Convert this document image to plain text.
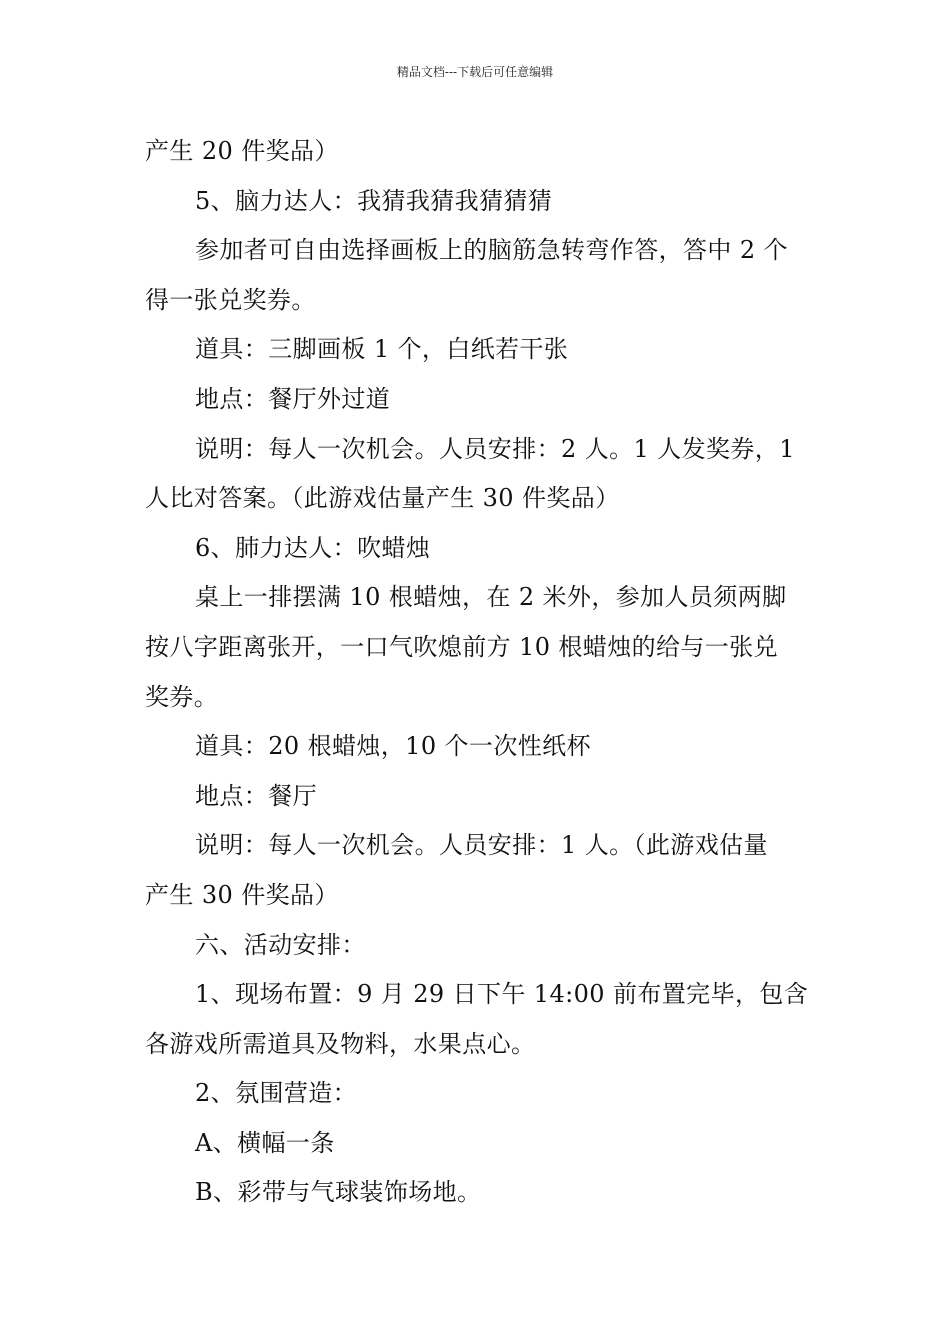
精品文档---下载后可任意编辑
产生 20 件奖品）
5、脑力达人：我猜我猜我猜猜猜
参加者可自由选择画板上的脑筋急转弯作答，答中 2 个
得一张兑奖券。
道具：三脚画板 1 个，白纸若干张
地点：餐厅外过道
说明：每人一次机会。人员安排：2 人。1 人发奖券，1
人比对答案。（此游戏估量产生 30 件奖品）
6、肺力达人：吹蜡烛
桌上一排摆满 10 根蜡烛，在 2 米外，参加人员须两脚
按八字距离张开，一口气吹熄前方 10 根蜡烛的给与一张兑
奖券。
道具：20 根蜡烛，10 个一次性纸杯
地点：餐厅
说明：每人一次机会。人员安排：1 人。（此游戏估量
产生 30 件奖品）
六、活动安排：
1、现场布置：9 月 29 日下午 14:00 前布置完毕，包含
各游戏所需道具及物料，水果点心。
2、氛围营造：
A、横幅一条
B、彩带与气球装饰场地。
